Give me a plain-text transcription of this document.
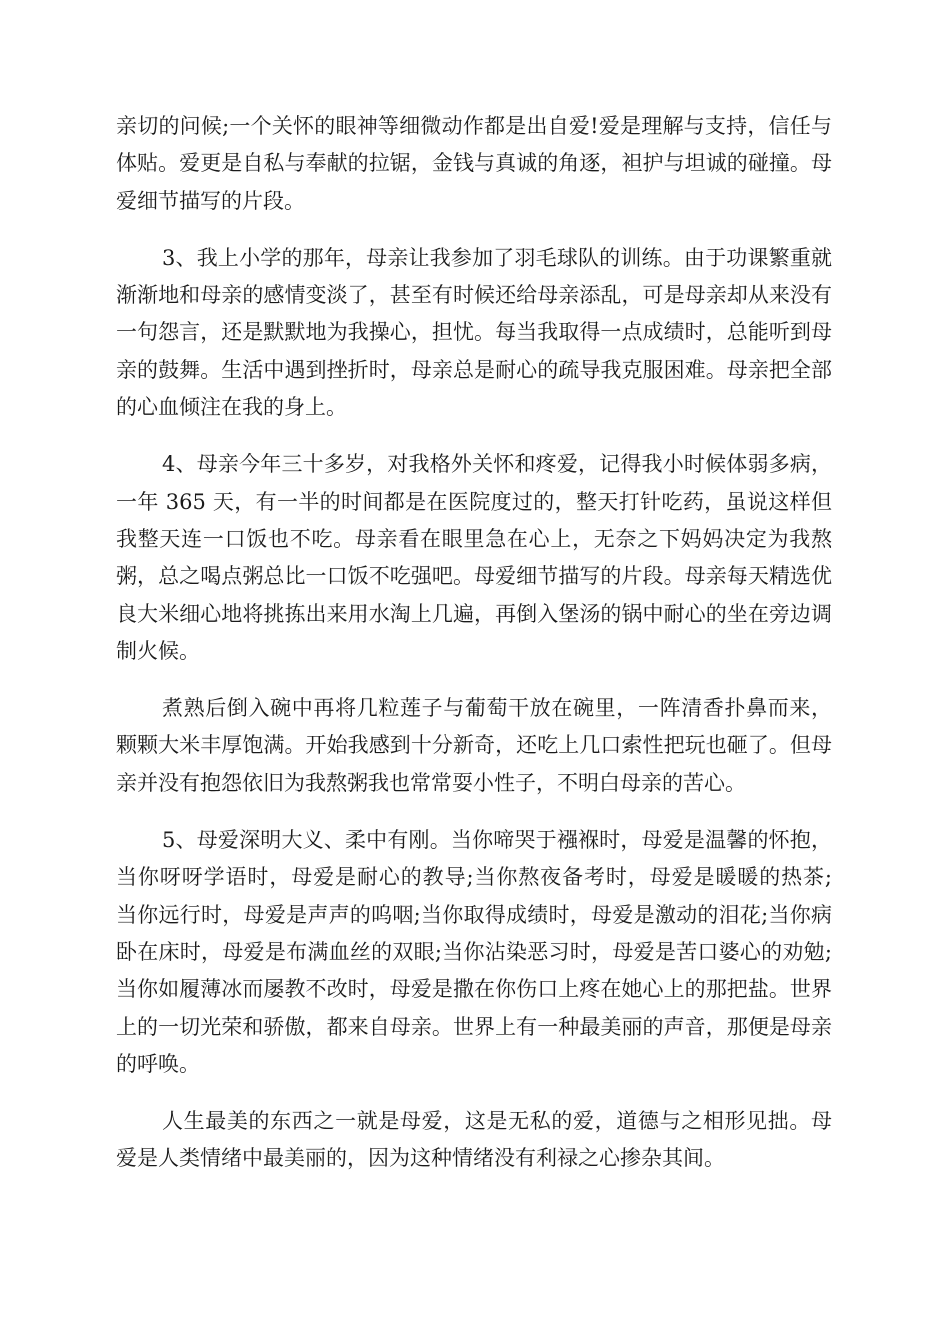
亲切的问候;一个关怀的眼神等细微动作都是出自爱!爱是理解与支持，信任与体贴。爱更是自私与奉献的拉锯，金钱与真诚的角逐，袒护与坦诚的碰撞。母爱细节描写的片段。

3、我上小学的那年，母亲让我参加了羽毛球队的训练。由于功课繁重就渐渐地和母亲的感情变淡了，甚至有时候还给母亲添乱，可是母亲却从来没有一句怨言，还是默默地为我操心，担忧。每当我取得一点成绩时，总能听到母亲的鼓舞。生活中遇到挫折时，母亲总是耐心的疏导我克服困难。母亲把全部的心血倾注在我的身上。

4、母亲今年三十多岁，对我格外关怀和疼爱，记得我小时候体弱多病，一年 365 天，有一半的时间都是在医院度过的，整天打针吃药，虽说这样但我整天连一口饭也不吃。母亲看在眼里急在心上，无奈之下妈妈决定为我熬粥，总之喝点粥总比一口饭不吃强吧。母爱细节描写的片段。母亲每天精选优良大米细心地将挑拣出来用水淘上几遍，再倒入堡汤的锅中耐心的坐在旁边调制火候。

煮熟后倒入碗中再将几粒莲子与葡萄干放在碗里，一阵清香扑鼻而来，颗颗大米丰厚饱满。开始我感到十分新奇，还吃上几口索性把玩也砸了。但母亲并没有抱怨依旧为我熬粥我也常常耍小性子，不明白母亲的苦心。

5、母爱深明大义、柔中有刚。当你啼哭于襁褓时，母爱是温馨的怀抱，当你呀呀学语时，母爱是耐心的教导;当你熬夜备考时，母爱是暖暖的热茶;　当你远行时，母爱是声声的呜咽;当你取得成绩时，母爱是激动的泪花;当你病卧在床时，母爱是布满血丝的双眼;当你沾染恶习时，母爱是苦口婆心的劝勉;当你如履薄冰而屡教不改时，母爱是撒在你伤口上疼在她心上的那把盐。世界上的一切光荣和骄傲，都来自母亲。世界上有一种最美丽的声音，那便是母亲的呼唤。

人生最美的东西之一就是母爱，这是无私的爱，道德与之相形见拙。母爱是人类情绪中最美丽的，因为这种情绪没有利禄之心掺杂其间。
